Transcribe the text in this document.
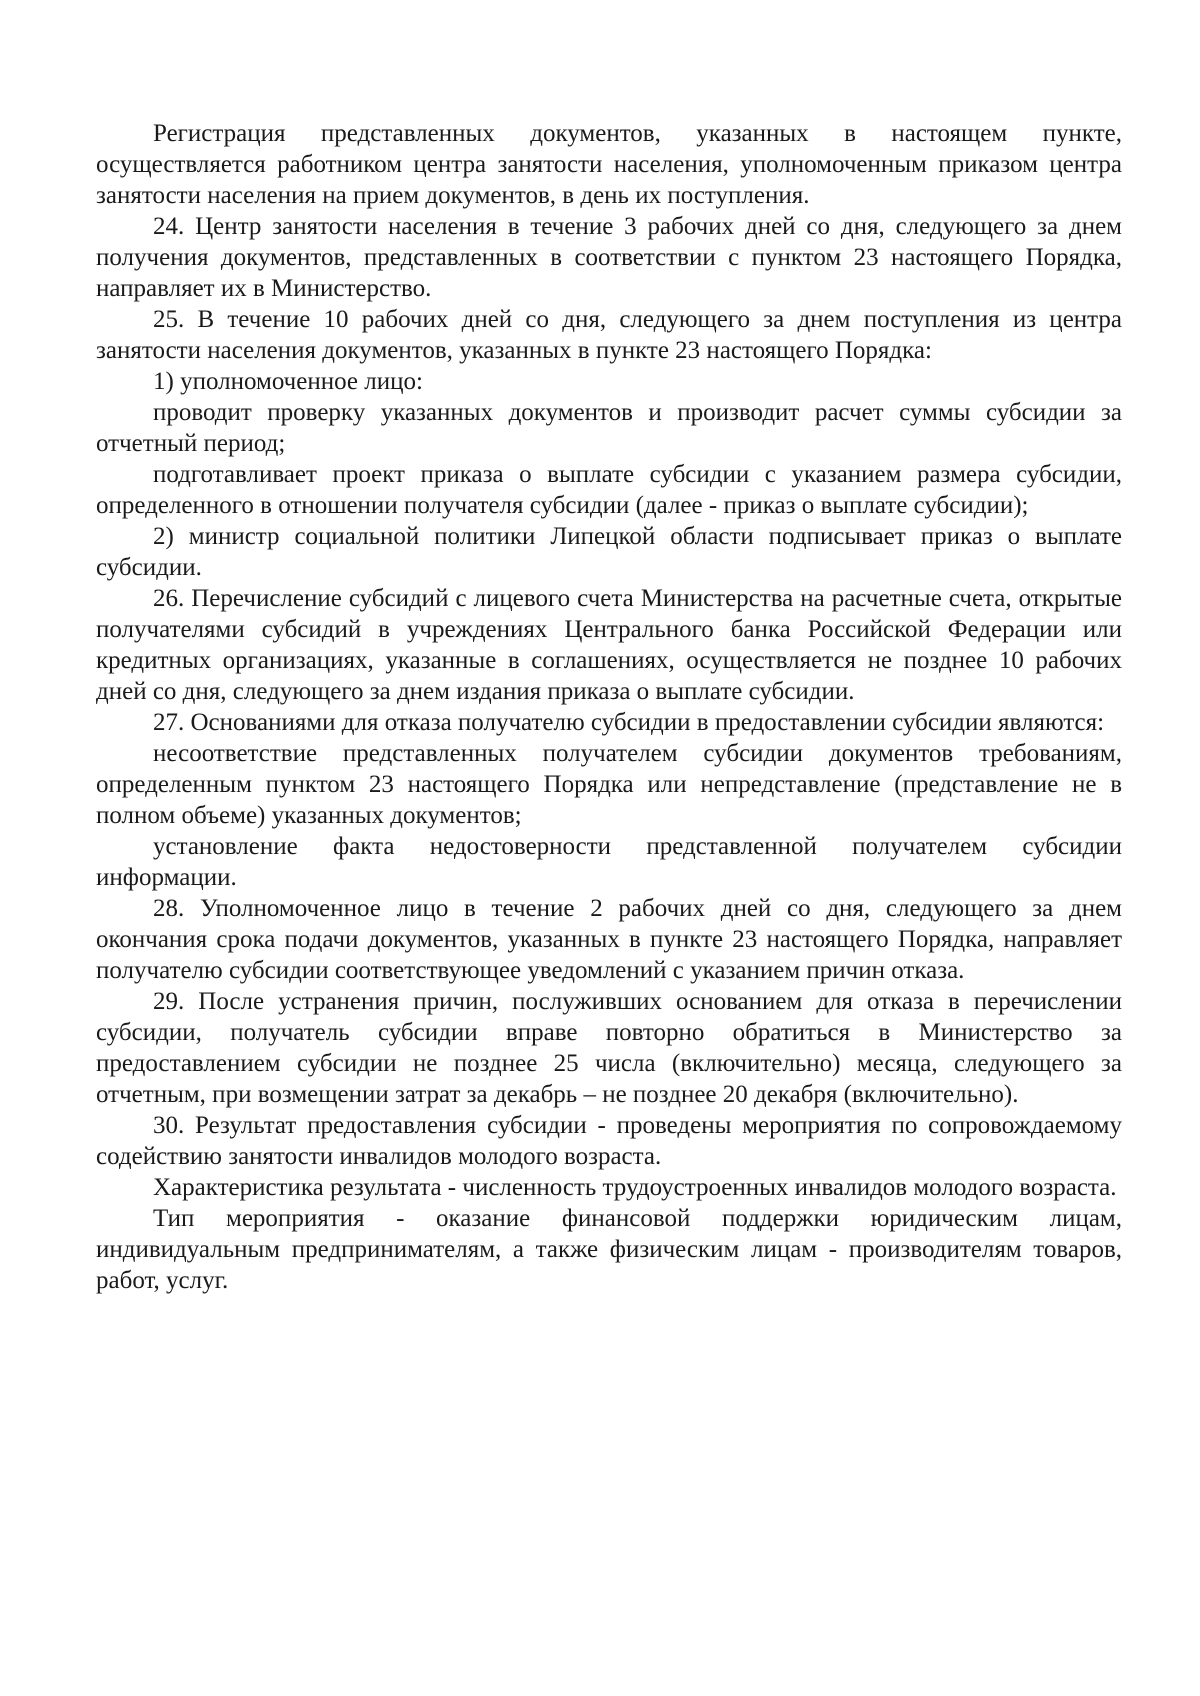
Регистрация представленных документов, указанных в настоящем пункте, осуществляется работником центра занятости населения, уполномоченным приказом центра занятости населения на прием документов, в день их поступления.

24. Центр занятости населения в течение 3 рабочих дней со дня, следующего за днем получения документов, представленных в соответствии с пунктом 23 настоящего Порядка, направляет их в Министерство.

25. В течение 10 рабочих дней со дня, следующего за днем поступления из центра занятости населения документов, указанных в пункте 23 настоящего Порядка:

1) уполномоченное лицо:

проводит проверку указанных документов и производит расчет суммы субсидии за отчетный период;

подготавливает проект приказа о выплате субсидии с указанием размера субсидии, определенного в отношении получателя субсидии (далее - приказ о выплате субсидии);

2) министр социальной политики Липецкой области подписывает приказ о выплате субсидии.

26. Перечисление субсидий с лицевого счета Министерства на расчетные счета, открытые получателями субсидий в учреждениях Центрального банка Российской Федерации или кредитных организациях, указанные в соглашениях, осуществляется не позднее 10 рабочих дней со дня, следующего за днем издания приказа о выплате субсидии.

27. Основаниями для отказа получателю субсидии в предоставлении субсидии являются:

несоответствие представленных получателем субсидии документов требованиям, определенным пунктом 23 настоящего Порядка или непредставление (представление не в полном объеме) указанных документов;

установление факта недостоверности представленной получателем субсидии информации.

28. Уполномоченное лицо в течение 2 рабочих дней со дня, следующего за днем окончания срока подачи документов, указанных в пункте 23 настоящего Порядка, направляет получателю субсидии соответствующее уведомлений с указанием причин отказа.

29. После устранения причин, послуживших основанием для отказа в перечислении субсидии, получатель субсидии вправе повторно обратиться в Министерство за предоставлением субсидии не позднее 25 числа (включительно) месяца, следующего за отчетным, при возмещении затрат за декабрь – не позднее 20 декабря (включительно).

30. Результат предоставления субсидии - проведены мероприятия по сопровождаемому содействию занятости инвалидов молодого возраста.

Характеристика результата - численность трудоустроенных инвалидов молодого возраста.

Тип мероприятия - оказание финансовой поддержки юридическим лицам, индивидуальным предпринимателям, а также физическим лицам - производителям товаров, работ, услуг.
